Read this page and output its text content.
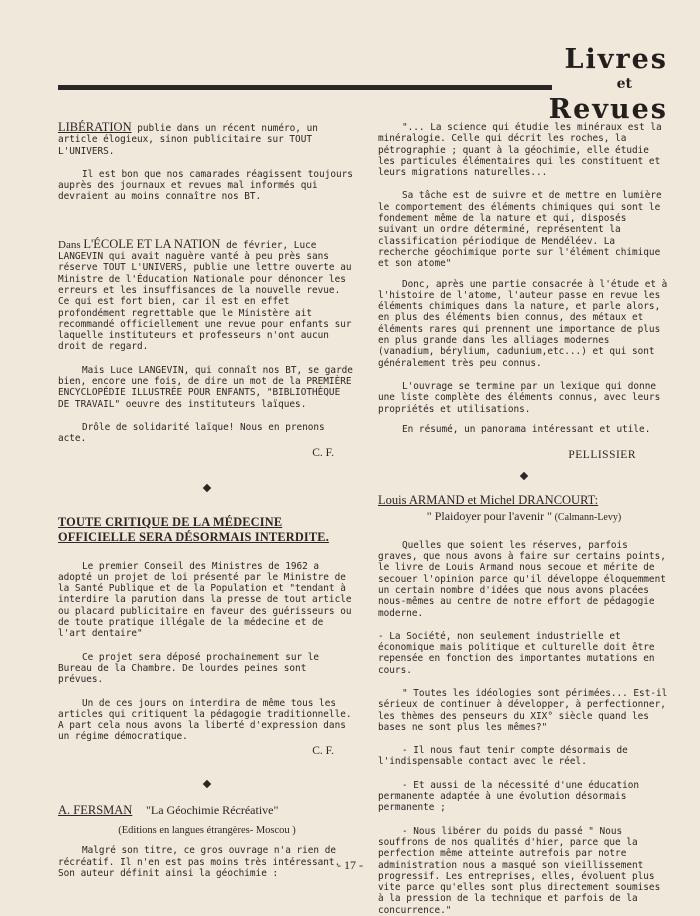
Livres
et
Revues

LIBÉRATION publie dans un récent numéro, un article élogieux, sinon publicitaire sur TOUT L'UNIVERS.

Il est bon que nos camarades réagissent toujours auprès des journaux et revues mal informés qui devraient au moins connaître nos BT.

Dans L'ÉCOLE ET LA NATION de février, Luce LANGEVIN qui avait naguère vanté à peu près sans réserve TOUT L'UNIVERS, publie une lettre ouverte au Ministre de l'Éducation Nationale pour dénoncer les erreurs et les insuffisances de la nouvelle revue. Ce qui est fort bien, car il est en effet profondément regrettable que le Ministère ait recommandé officiellement une revue pour enfants sur laquelle instituteurs et professeurs n'ont aucun droit de regard.

Mais Luce LANGEVIN, qui connaît nos BT, se garde bien, encore une fois, de dire un mot de la PREMIÈRE ENCYCLOPÉDIE ILLUSTRÉE POUR ENFANTS, "BIBLIOTHÈQUE DE TRAVAIL" oeuvre des instituteurs laïques.

Drôle de solidarité laïque! Nous en prenons acte.

C. F.

TOUTE CRITIQUE DE LA MÉDECINE OFFICIELLE SERA DÉSORMAIS INTERDITE.

Le premier Conseil des Ministres de 1962 a adopté un projet de loi présenté par le Ministre de la Santé Publique et de la Population et "tendant à interdire la parution dans la presse de tout article ou placard publicitaire en faveur des guérisseurs ou de toute pratique illégale de la médecine et de l'art dentaire"

Ce projet sera déposé prochainement sur le Bureau de la Chambre. De lourdes peines sont prévues.

Un de ces jours on interdira de même tous les articles qui critiquent la pédagogie traditionnelle. A part cela nous avons la liberté d'expression dans un régime démocratique.

C. F.

A. FERSMAN "La Géochimie Récréative"

(Editions en langues étrangères- Moscou )

Malgré son titre, ce gros ouvrage n'a rien de récréatif. Il n'en est pas moins très intéressant. Son auteur définit ainsi la géochimie :

"... La science qui étudie les minéraux est la minéralogie. Celle qui décrit les roches, la pétrographie ; quant à la géochimie, elle étudie les particules élémentaires qui les constituent et leurs migrations naturelles...

Sa tâche est de suivre et de mettre en lumière le comportement des éléments chimiques qui sont le fondement même de la nature et qui, disposés suivant un ordre déterminé, représentent la classification périodique de Mendéléev. La recherche géochimique porte sur l'élément chimique et son atome"

Donc, après une partie consacrée à l'étude et à l'histoire de l'atome, l'auteur passe en revue les éléments chimiques dans la nature, et parle alors, en plus des éléments bien connus, des métaux et éléments rares qui prennent une importance de plus en plus grande dans les alliages modernes (vanadium, bérylium, cadunium,etc...) et qui sont généralement très peu connus.

L'ouvrage se termine par un lexique qui donne une liste complète des éléments connus, avec leurs propriétés et utilisations.

En résumé, un panorama intéressant et utile.

PELLISSIER

Louis ARMAND et Michel DRANCOURT:

" Plaidoyer pour l'avenir " (Calmann-Levy)

Quelles que soient les réserves, parfois graves, que nous avons à faire sur certains points, le livre de Louis Armand nous secoue et mérite de secouer l'opinion parce qu'il développe éloquemment un certain nombre d'idées que nous avons placées nous-mêmes au centre de notre effort de pédagogie moderne.

- La Société, non seulement industrielle et économique mais politique et culturelle doit être repensée en fonction des importantes mutations en cours.

" Toutes les idéologies sont périmées... Est-il sérieux de continuer à développer, à perfectionner, les thèmes des penseurs du XIX° siècle quand les bases ne sont plus les mêmes?"

- Il nous faut tenir compte désormais de l'indispensable contact avec le réel.

- Et aussi de la nécessité d'une éducation permanente adaptée à une évolution désormais permanente ;

- Nous libérer du poids du passé " Nous souffrons de nos qualités d'hier, parce que la perfection même atteinte autrefois par notre administration nous a masqué son vieillissement progressif. Les entreprises, elles, évoluent plus vite parce qu'elles sont plus directement soumises à la pression de la technique et parfois de la concurrence."

- 17 -
